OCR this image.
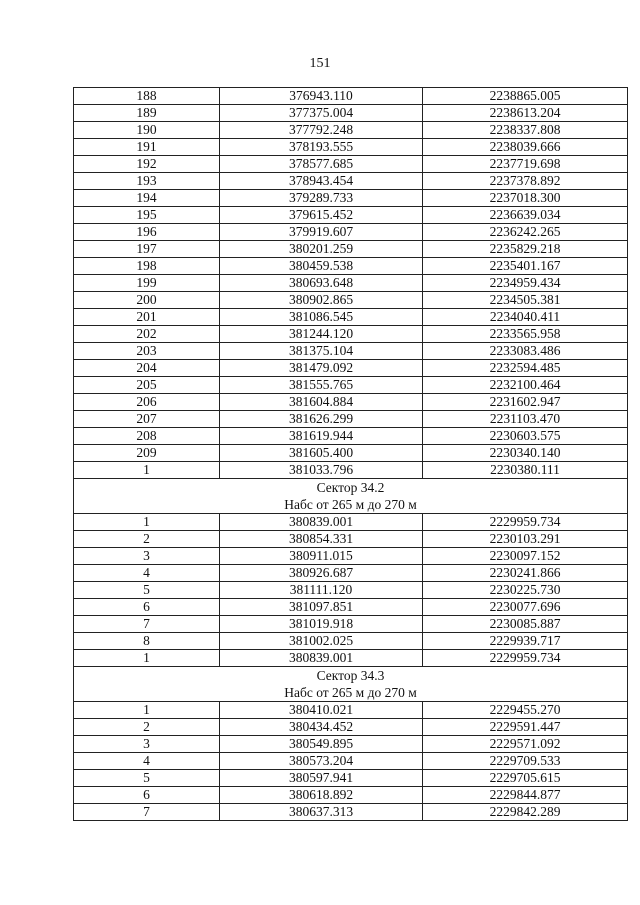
151
188	376943.110	2238865.005
189	377375.004	2238613.204
190	377792.248	2238337.808
191	378193.555	2238039.666
192	378577.685	2237719.698
193	378943.454	2237378.892
194	379289.733	2237018.300
195	379615.452	2236639.034
196	379919.607	2236242.265
197	380201.259	2235829.218
198	380459.538	2235401.167
199	380693.648	2234959.434
200	380902.865	2234505.381
201	381086.545	2234040.411
202	381244.120	2233565.958
203	381375.104	2233083.486
204	381479.092	2232594.485
205	381555.765	2232100.464
206	381604.884	2231602.947
207	381626.299	2231103.470
208	381619.944	2230603.575
209	381605.400	2230340.140
1	381033.796	2230380.111

Сектор 34.2
Набс от 265 м до 270 м		

1	380839.001	2229959.734
2	380854.331	2230103.291
3	380911.015	2230097.152
4	380926.687	2230241.866
5	381111.120	2230225.730
6	381097.851	2230077.696
7	381019.918	2230085.887
8	381002.025	2229939.717
1	380839.001	2229959.734

Сектор 34.3
Набс от 265 м до 270 м		

1	380410.021	2229455.270
2	380434.452	2229591.447
3	380549.895	2229571.092
4	380573.204	2229709.533
5	380597.941	2229705.615
6	380618.892	2229844.877
7	380637.313	2229842.289
